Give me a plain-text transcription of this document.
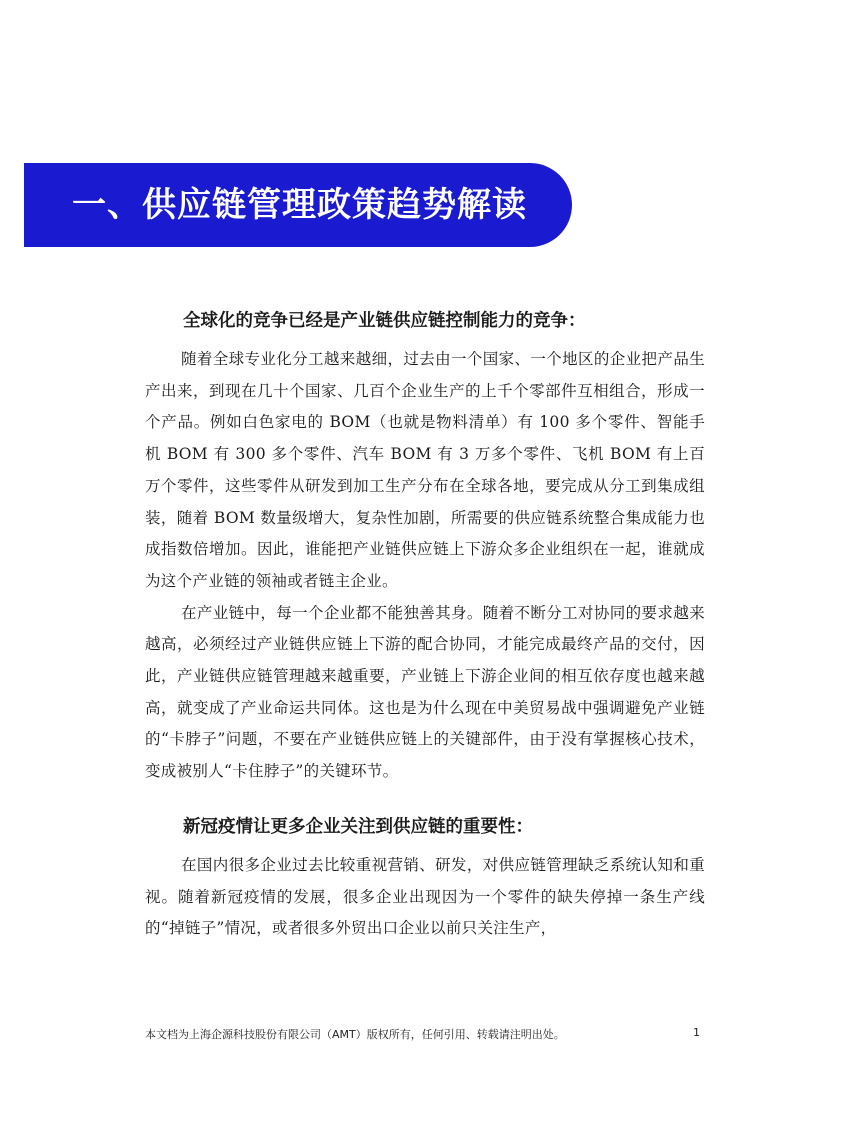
一、供应链管理政策趋势解读

全球化的竞争已经是产业链供应链控制能力的竞争：

随着全球专业化分工越来越细，过去由一个国家、一个地区的企业把产品生产出来，到现在几十个国家、几百个企业生产的上千个零部件互相组合，形成一个产品。例如白色家电的 BOM（也就是物料清单）有 100 多个零件、智能手机 BOM 有 300 多个零件、汽车 BOM 有 3 万多个零件、飞机 BOM 有上百万个零件，这些零件从研发到加工生产分布在全球各地，要完成从分工到集成组装，随着 BOM 数量级增大，复杂性加剧，所需要的供应链系统整合集成能力也成指数倍增加。因此，谁能把产业链供应链上下游众多企业组织在一起，谁就成为这个产业链的领袖或者链主企业。

在产业链中，每一个企业都不能独善其身。随着不断分工对协同的要求越来越高，必须经过产业链供应链上下游的配合协同，才能完成最终产品的交付，因此，产业链供应链管理越来越重要，产业链上下游企业间的相互依存度也越来越高，就变成了产业命运共同体。这也是为什么现在中美贸易战中强调避免产业链的“卡脖子”问题，不要在产业链供应链上的关键部件，由于没有掌握核心技术，变成被别人“卡住脖子”的关键环节。

新冠疫情让更多企业关注到供应链的重要性：

在国内很多企业过去比较重视营销、研发，对供应链管理缺乏系统认知和重视。随着新冠疫情的发展，很多企业出现因为一个零件的缺失停掉一条生产线的“掉链子”情况，或者很多外贸出口企业以前只关注生产，

本文档为上海企源科技股份有限公司（AMT）版权所有，任何引用、转载请注明出处。	1
